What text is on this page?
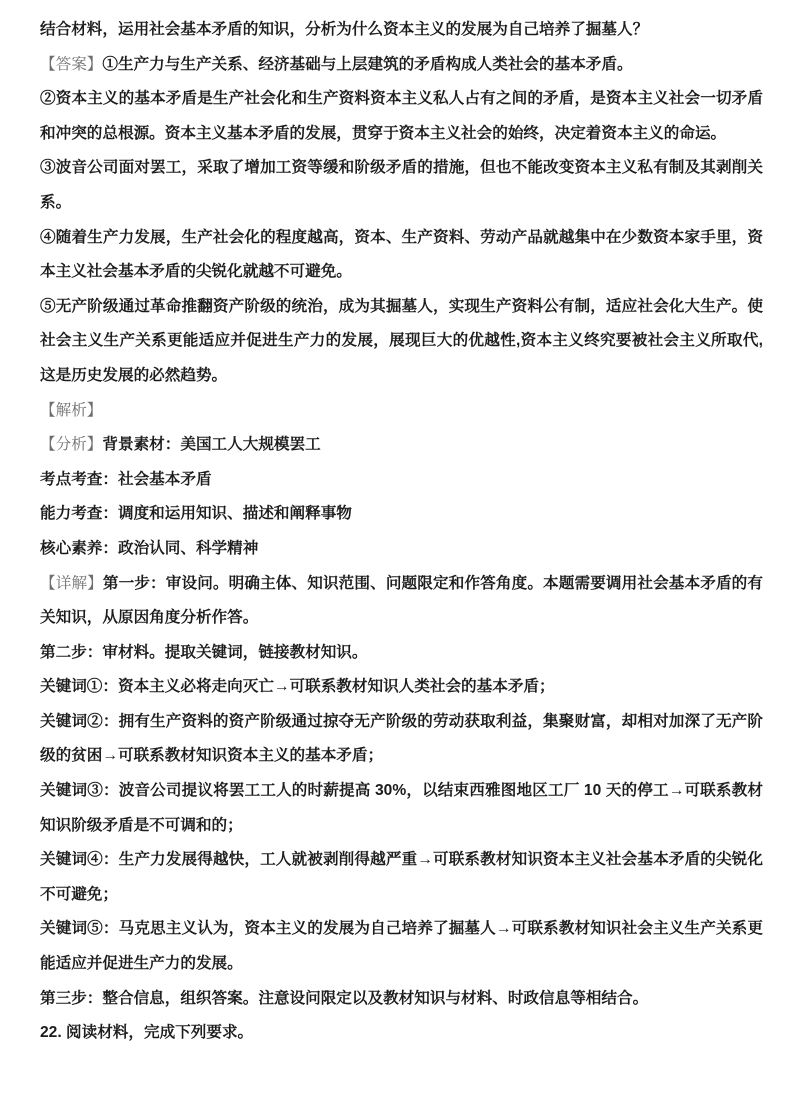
结合材料，运用社会基本矛盾的知识，分析为什么资本主义的发展为自己培养了掘墓人？

【答案】①生产力与生产关系、经济基础与上层建筑的矛盾构成人类社会的基本矛盾。

②资本主义的基本矛盾是生产社会化和生产资料资本主义私人占有之间的矛盾，是资本主义社会一切矛盾和冲突的总根源。资本主义基本矛盾的发展，贯穿于资本主义社会的始终，决定着资本主义的命运。

③波音公司面对罢工，采取了增加工资等缓和阶级矛盾的措施，但也不能改变资本主义私有制及其剥削关系。

④随着生产力发展，生产社会化的程度越高，资本、生产资料、劳动产品就越集中在少数资本家手里，资本主义社会基本矛盾的尖锐化就越不可避免。

⑤无产阶级通过革命推翻资产阶级的统治，成为其掘墓人，实现生产资料公有制，适应社会化大生产。使社会主义生产关系更能适应并促进生产力的发展，展现巨大的优越性,资本主义终究要被社会主义所取代,这是历史发展的必然趋势。

【解析】

【分析】背景素材：美国工人大规模罢工

考点考查：社会基本矛盾

能力考查：调度和运用知识、描述和阐释事物

核心素养：政治认同、科学精神

【详解】第一步：审设问。明确主体、知识范围、问题限定和作答角度。本题需要调用社会基本矛盾的有关知识，从原因角度分析作答。

第二步：审材料。提取关键词，链接教材知识。

关键词①：资本主义必将走向灭亡→可联系教材知识人类社会的基本矛盾；

关键词②：拥有生产资料的资产阶级通过掠夺无产阶级的劳动获取利益，集聚财富，却相对加深了无产阶级的贫困→可联系教材知识资本主义的基本矛盾；

关键词③：波音公司提议将罢工工人的时薪提高 30%，以结束西雅图地区工厂 10 天的停工→可联系教材知识阶级矛盾是不可调和的；

关键词④：生产力发展得越快，工人就被剥削得越严重→可联系教材知识资本主义社会基本矛盾的尖锐化不可避免；

关键词⑤：马克思主义认为，资本主义的发展为自己培养了掘墓人→可联系教材知识社会主义生产关系更能适应并促进生产力的发展。

第三步：整合信息，组织答案。注意设问限定以及教材知识与材料、时政信息等相结合。

22. 阅读材料，完成下列要求。
